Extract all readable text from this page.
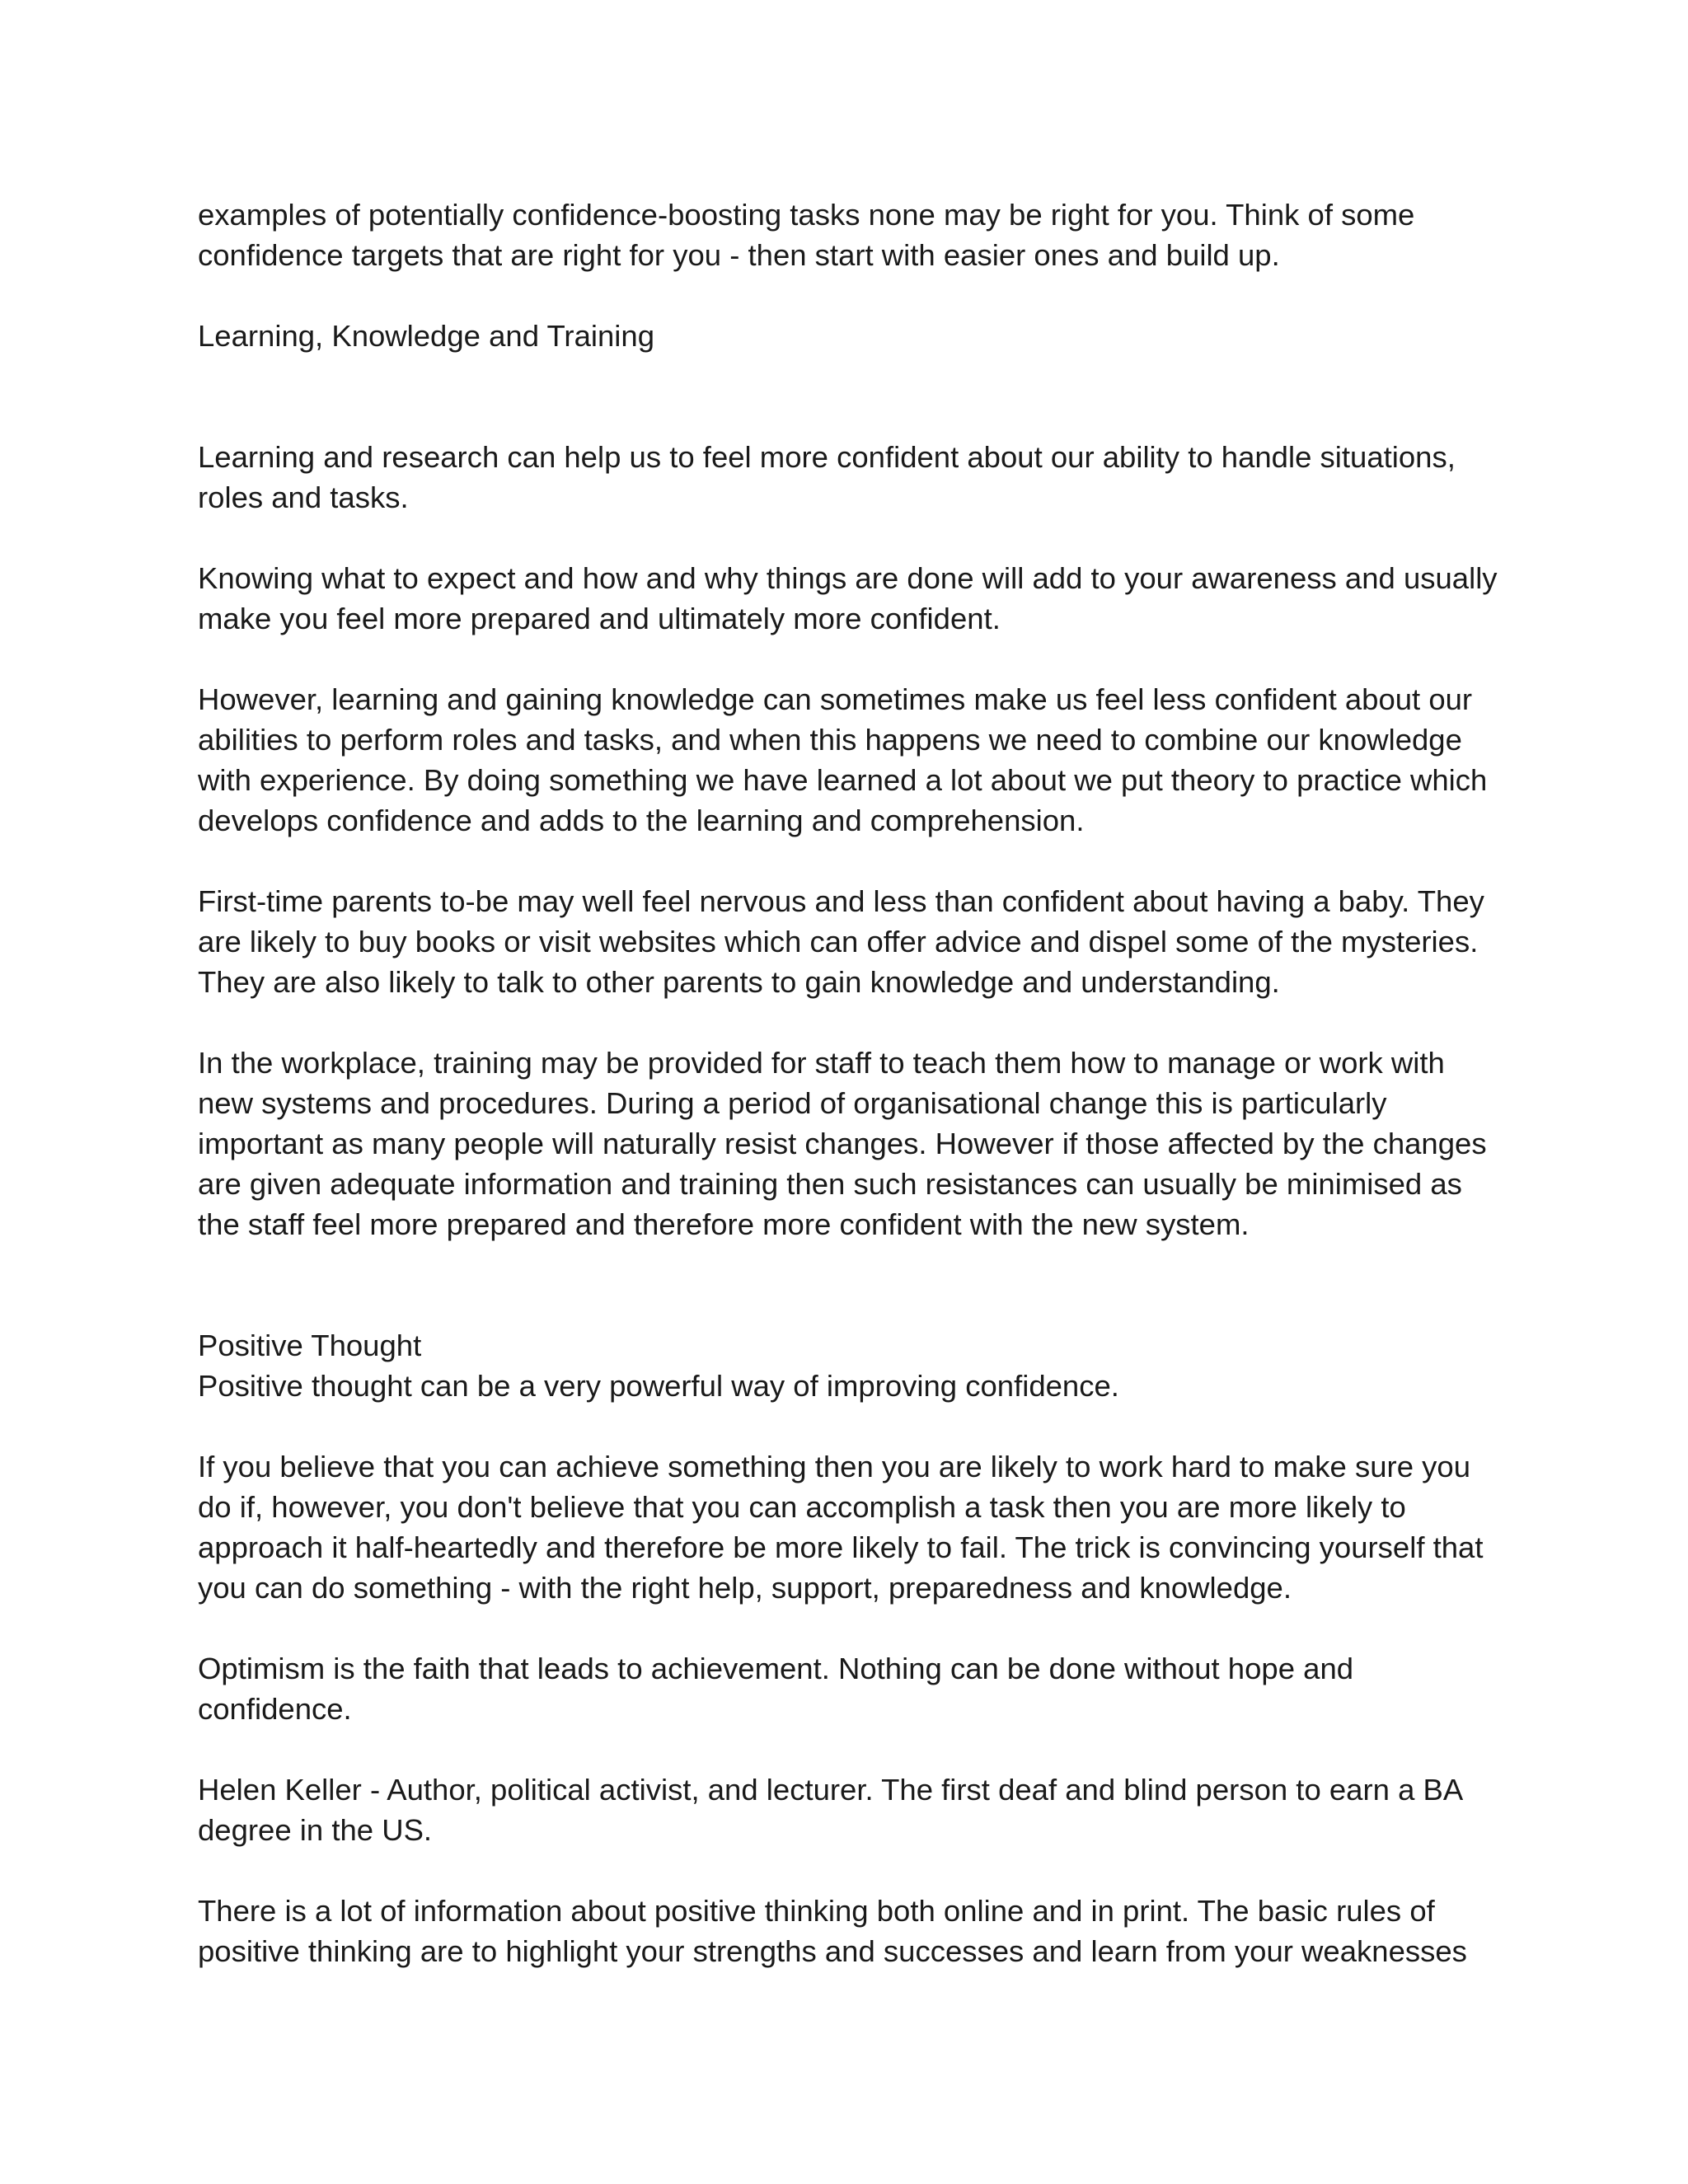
examples of potentially confidence-boosting tasks none may be right for you. Think of some confidence targets that are right for you - then start with easier ones and build up.

Learning, Knowledge and Training

Learning and research can help us to feel more confident about our ability to handle situations, roles and tasks.

Knowing what to expect and how and why things are done will add to your awareness and usually make you feel more prepared and ultimately more confident.

However, learning and gaining knowledge can sometimes make us feel less confident about our abilities to perform roles and tasks, and when this happens we need to combine our knowledge with experience. By doing something we have learned a lot about we put theory to practice which develops confidence and adds to the learning and comprehension.

First-time parents to-be may well feel nervous and less than confident about having a baby. They are likely to buy books or visit websites which can offer advice and dispel some of the mysteries. They are also likely to talk to other parents to gain knowledge and understanding.

In the workplace, training may be provided for staff to teach them how to manage or work with new systems and procedures. During a period of organisational change this is particularly important as many people will naturally resist changes. However if those affected by the changes are given adequate information and training then such resistances can usually be minimised as the staff feel more prepared and therefore more confident with the new system.

Positive Thought

Positive thought can be a very powerful way of improving confidence.

If you believe that you can achieve something then you are likely to work hard to make sure you do if, however, you don't believe that you can accomplish a task then you are more likely to approach it half-heartedly and therefore be more likely to fail. The trick is convincing yourself that you can do something - with the right help, support, preparedness and knowledge.

Optimism is the faith that leads to achievement. Nothing can be done without hope and confidence.

Helen Keller - Author, political activist, and lecturer. The first deaf and blind person to earn a BA degree in the US.

There is a lot of information about positive thinking both online and in print. The basic rules of positive thinking are to highlight your strengths and successes and learn from your weaknesses
